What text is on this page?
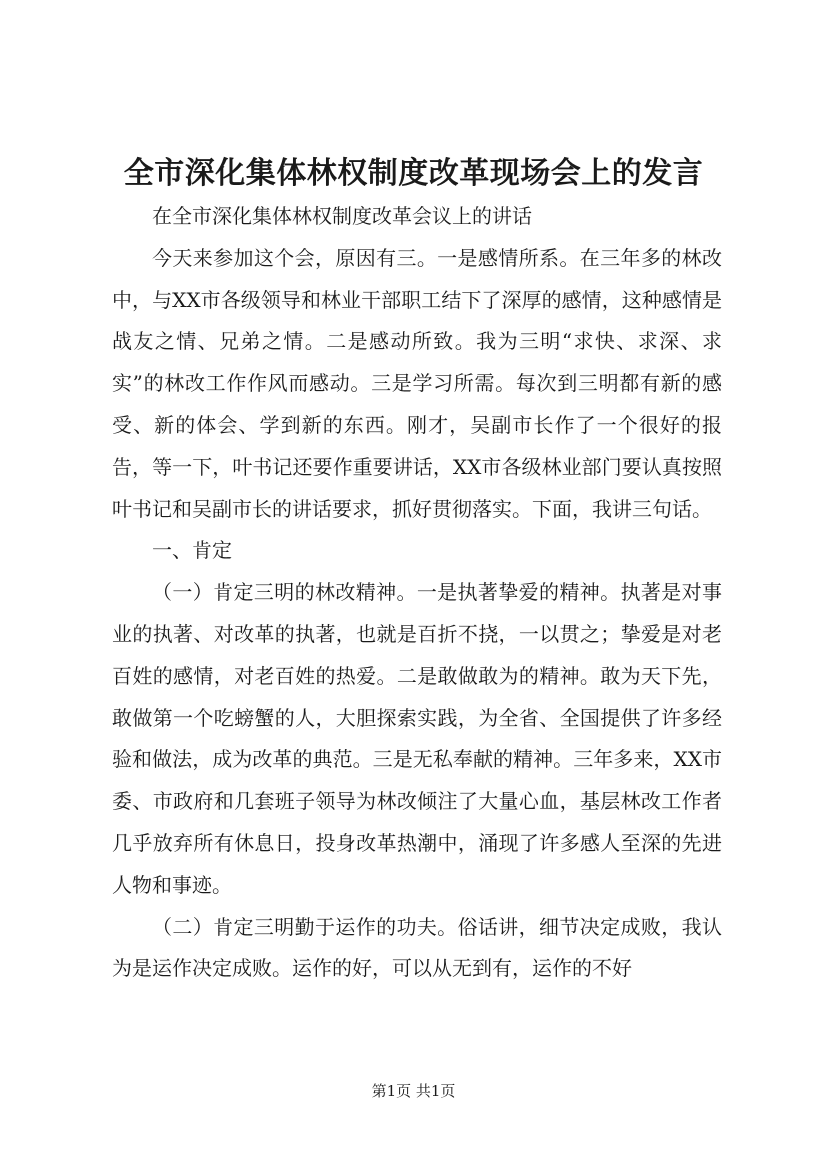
全市深化集体林权制度改革现场会上的发言

在全市深化集体林权制度改革会议上的讲话

今天来参加这个会，原因有三。一是感情所系。在三年多的林改中，与XX市各级领导和林业干部职工结下了深厚的感情，这种感情是战友之情、兄弟之情。二是感动所致。我为三明“求快、求深、求实”的林改工作作风而感动。三是学习所需。每次到三明都有新的感受、新的体会、学到新的东西。刚才，吴副市长作了一个很好的报告，等一下，叶书记还要作重要讲话，XX市各级林业部门要认真按照叶书记和吴副市长的讲话要求，抓好贯彻落实。下面，我讲三句话。

一、肯定

（一）肯定三明的林改精神。一是执著挚爱的精神。执著是对事业的执著、对改革的执著，也就是百折不挠，一以贯之；挚爱是对老百姓的感情，对老百姓的热爱。二是敢做敢为的精神。敢为天下先，敢做第一个吃螃蟹的人，大胆探索实践，为全省、全国提供了许多经验和做法，成为改革的典范。三是无私奉献的精神。三年多来，XX市委、市政府和几套班子领导为林改倾注了大量心血，基层林改工作者几乎放弃所有休息日，投身改革热潮中，涌现了许多感人至深的先进人物和事迹。

（二）肯定三明勤于运作的功夫。俗话讲，细节决定成败，我认为是运作决定成败。运作的好，可以从无到有，运作的不好

第1页 共1页
